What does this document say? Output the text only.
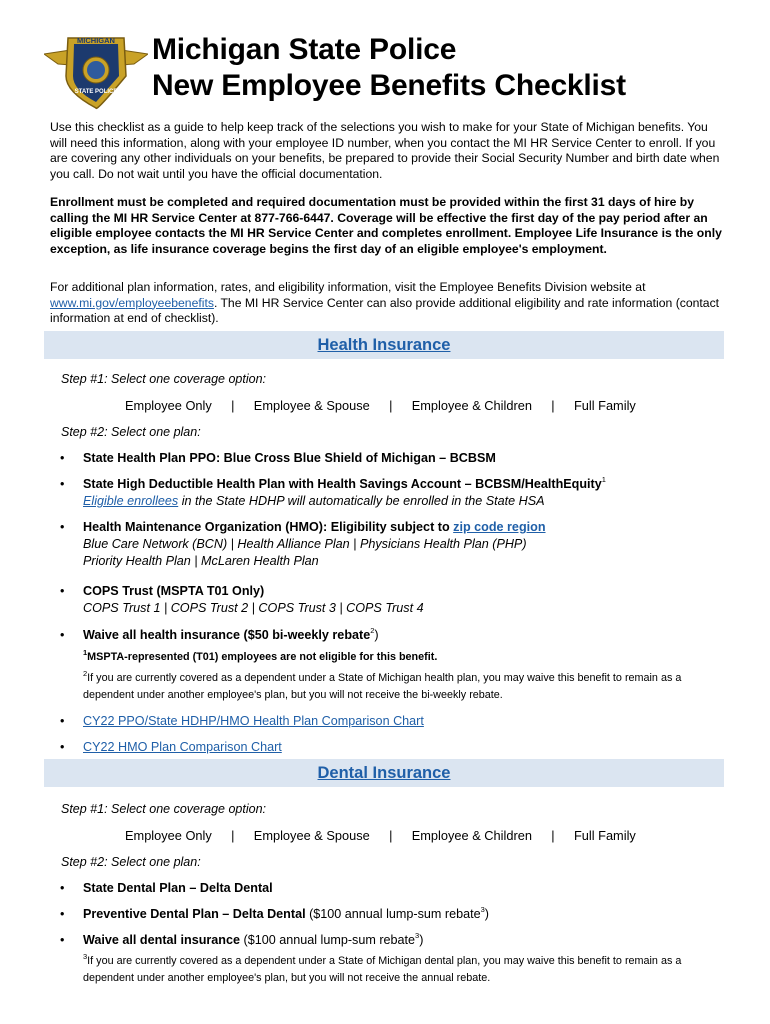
MICHIGAN
STATE POLICE
Michigan State Police
New Employee Benefits Checklist

Use this checklist as a guide to help keep track of the selections you wish to make for your State of Michigan benefits. You will need this information, along with your employee ID number, when you contact the MI HR Service Center to enroll. If you are covering any other individuals on your benefits, be prepared to provide their Social Security Number and birth date when you call. Do not wait until you have the official documentation.

Enrollment must be completed and required documentation must be provided within the first 31 days of hire by calling the MI HR Service Center at 877-766-6447. Coverage will be effective the first day of the pay period after an eligible employee contacts the MI HR Service Center and completes enrollment. Employee Life Insurance is the only exception, as life insurance coverage begins the first day of an eligible employee's employment.

For additional plan information, rates, and eligibility information, visit the Employee Benefits Division website at www.mi.gov/employeebenefits. The MI HR Service Center can also provide additional eligibility and rate information (contact information at end of checklist).

Health Insurance
Step #1: Select one coverage option:
Employee Only | Employee & Spouse | Employee & Children | Full Family
Step #2: Select one plan:
• State Health Plan PPO: Blue Cross Blue Shield of Michigan – BCBSM
• State High Deductible Health Plan with Health Savings Account – BCBSM/HealthEquity$^1$
Eligible enrollees in the State HDHP will automatically be enrolled in the State HSA
• Health Maintenance Organization (HMO): Eligibility subject to zip code region
Blue Care Network (BCN) | Health Alliance Plan | Physicians Health Plan (PHP)
Priority Health Plan | McLaren Health Plan
• COPS Trust (MSPTA T01 Only)
COPS Trust 1 | COPS Trust 2 | COPS Trust 3 | COPS Trust 4
• Waive all health insurance ($50 bi-weekly rebate$^2$)
$^1$MSPTA-represented (T01) employees are not eligible for this benefit.
$^2$If you are currently covered as a dependent under a State of Michigan health plan, you may waive this benefit to remain as a dependent under another employee's plan, but you will not receive the bi-weekly rebate.
• CY22 PPO/State HDHP/HMO Health Plan Comparison Chart
• CY22 HMO Plan Comparison Chart
Dental Insurance
Step #1: Select one coverage option:
Employee Only | Employee & Spouse | Employee & Children | Full Family
Step #2: Select one plan:
• State Dental Plan – Delta Dental
• Preventive Dental Plan – Delta Dental ($100 annual lump-sum rebate$^3$)
• Waive all dental insurance ($100 annual lump-sum rebate$^3$)
$^3$If you are currently covered as a dependent under a State of Michigan dental plan, you may waive this benefit to remain as a dependent under another employee's plan, but you will not receive the annual rebate.
